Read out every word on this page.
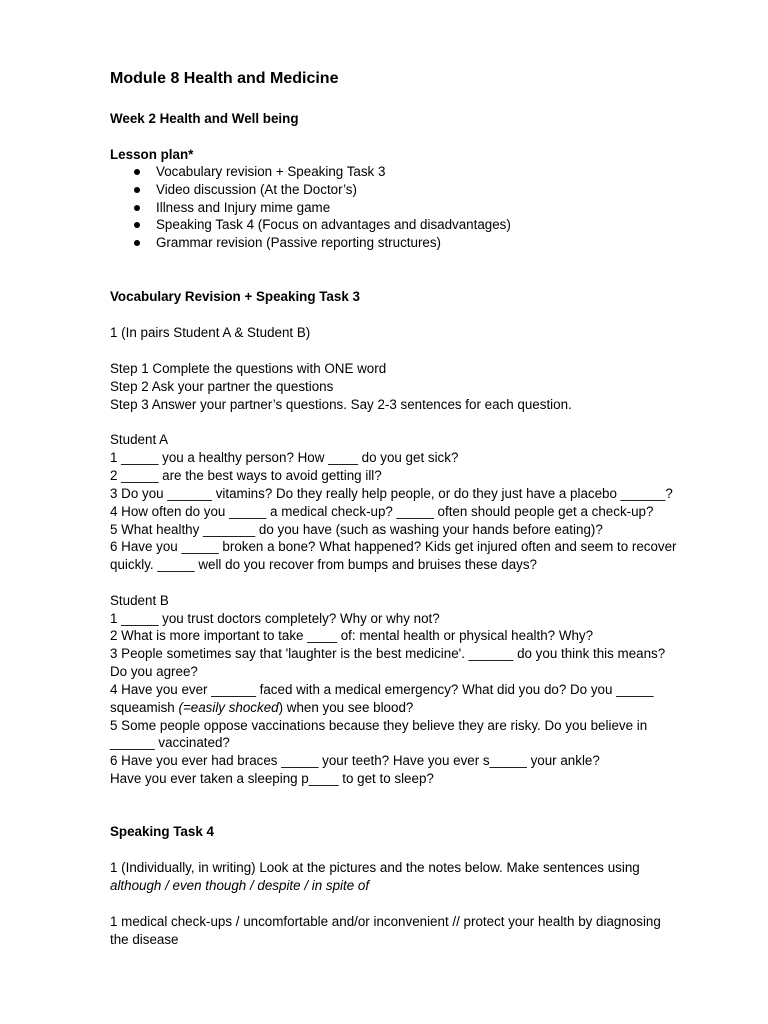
Module 8 Health and Medicine
Week 2 Health and Well being
Lesson plan*
Vocabulary revision + Speaking Task 3
Video discussion (At the Doctor’s)
Illness and Injury mime game
Speaking Task 4 (Focus on advantages and disadvantages)
Grammar revision (Passive reporting structures)
Vocabulary Revision + Speaking Task 3
1 (In pairs Student A & Student B)
Step 1 Complete the questions with ONE word
Step 2 Ask your partner the questions
Step 3 Answer your partner’s questions. Say 2-3 sentences for each question.
Student A
1 _____ you a healthy person? How ____ do you get sick?
2 _____ are the best ways to avoid getting ill?
3 Do you ______ vitamins? Do they really help people, or do they just have a placebo ______?
4 How often do you _____ a medical check-up? _____ often should people get a check-up?
5 What healthy _______ do you have (such as washing your hands before eating)?
6 Have you _____ broken a bone? What happened? Kids get injured often and seem to recover
quickly. _____ well do you recover from bumps and bruises these days?
Student B
1 _____ you trust doctors completely? Why or why not?
2 What is more important to take ____ of: mental health or physical health? Why?
3 People sometimes say that 'laughter is the best medicine'. ______ do you think this means?
Do you agree?
4 Have you ever ______ faced with a medical emergency? What did you do? Do you _____
squeamish (=easily shocked) when you see blood?
5 Some people oppose vaccinations because they believe they are risky. Do you believe in
______ vaccinated?
6 Have you ever had braces _____ your teeth? Have you ever s_____ your ankle?
Have you ever taken a sleeping p____ to get to sleep?
Speaking Task 4
1 (Individually, in writing) Look at the pictures and the notes below. Make sentences using
although / even though / despite / in spite of
1 medical check-ups / uncomfortable and/or inconvenient // protect your health by diagnosing
the disease
